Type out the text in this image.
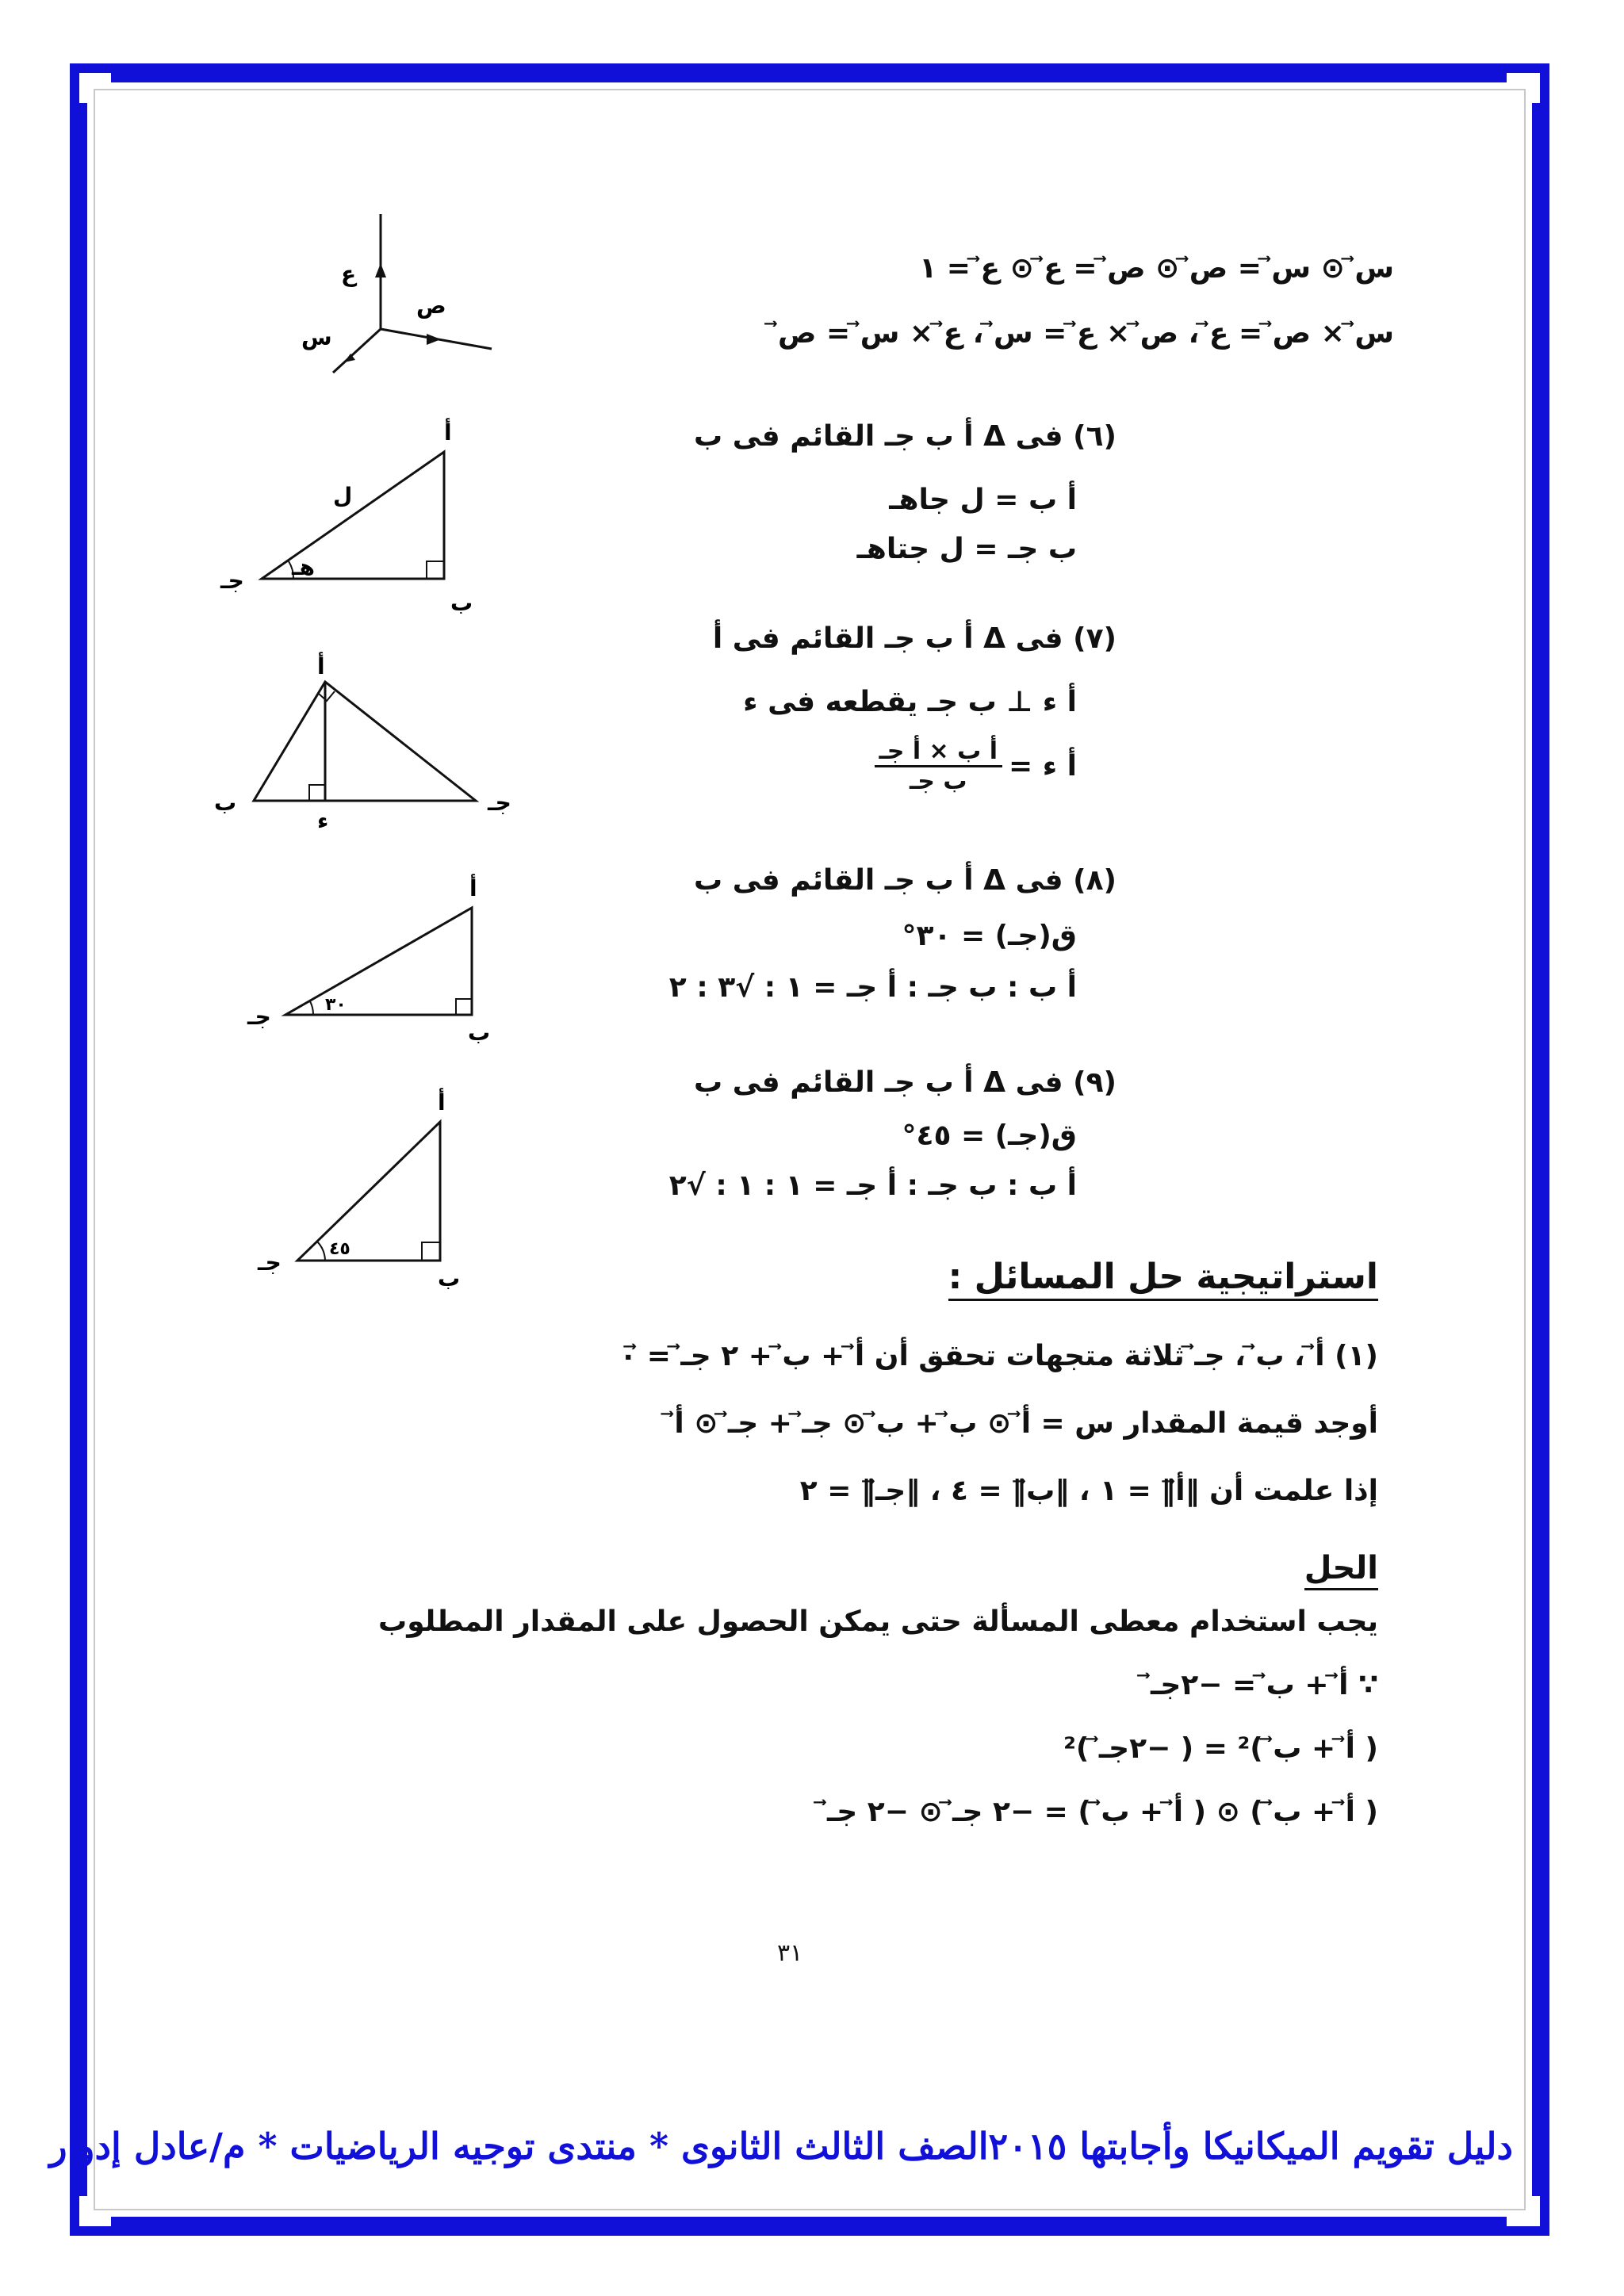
س⃗ ⊙ س⃗ = ص⃗ ⊙ ص⃗ = ع⃗ ⊙ ع⃗ = ١
س⃗ × ص⃗ = ع⃗ ، ص⃗ × ع⃗ = س⃗ ، ع⃗ × س⃗ = ص⃗
ع
ص
س
(٦) فى Δ أ ب جـ القائم فى ب
أ ب = ل جاهـ
ب جـ = ل جتاهـ
أ
ب
جـ
ل
هـ
(٧) فى Δ أ ب جـ القائم فى أ
أ ء ⊥ ب جـ يقطعه فى ء
أ ء =
أ ب × أ جـ
ب جـ
أ
ب	جـ
ء
(٨) فى Δ أ ب جـ القائم فى ب
ق(جـ) = ٣٠°
أ ب : ب جـ : أ جـ = ١ : √٣ : ٢
أ
ب
جـ	٣٠
(٩) فى Δ أ ب جـ القائم فى ب
ق(جـ) = ٤٥°
أ ب : ب جـ : أ جـ = ١ : ١ : √٢
أ
ب
جـ
٤٥
استراتيجية حل المسائل :
(١) أ⃗ ، ب⃗ ، جـ⃗ ثلاثة متجهات تحقق أن أ⃗ + ب⃗ + ٢ جـ⃗ = ٠⃗
أوجد قيمة المقدار س = أ⃗ ⊙ ب⃗ + ب⃗ ⊙ جـ⃗ + جـ⃗ ⊙ أ⃗
إذا علمت أن ‖أ⃗‖ = ١ ، ‖ب⃗‖ = ٤ ، ‖جـ⃗‖ = ٢
الحل
يجب استخدام معطى المسألة حتى يمكن الحصول على المقدار المطلوب
∵ أ⃗ + ب⃗ = −٢جـ⃗
( أ⃗ + ب⃗ )² = ( −٢جـ⃗ )²
( أ⃗ + ب⃗ ) ⊙ ( أ⃗ + ب⃗ ) = −٢ جـ⃗ ⊙ −٢ جـ⃗
٣١
دليل تقويم الميكانيكا وأجابتها ٢٠١٥الصف الثالث الثانوى * منتدى توجيه الرياضيات * م/عادل إدوار
